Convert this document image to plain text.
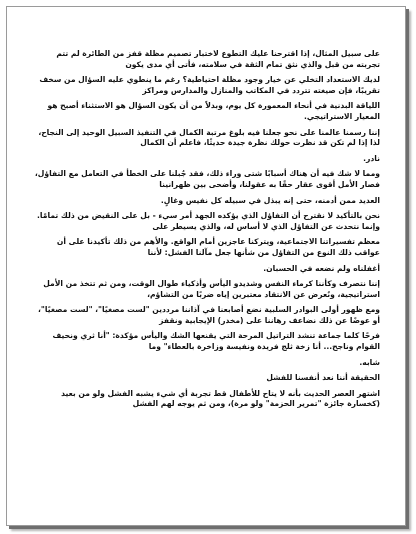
على سبيل المثال، إذا اقترحنا عليك التطوع لاختبار تصميم مظلة قفز من الطائرة لم تتم تجربته من قبل والذي نثق تمام الثقة في سلامته، فأتى أي مدى يكون

لديك الاستعداد التخلي عن خيار وجود مظلة احتياطية؟ رغم ما ينطوي عليه السؤال من سخف تقريبًا، فإن صيغته تتردد في المكاتب والمنازل والمدارس ومراكز

اللياقة البدنية في أنحاء المعمورة كل يوم، وبدلاً من أن يكون السؤال هو الاستثناء أصبح هو المعيار الاستراتيجي.

إننا رسمنا عالمنا على نحو جعلنا فيه بلوغ مرتبة الكمال في التنفيذ السبيل الوحيد إلى النجاح، لذا إذا لم تكن قد نظرت حولك نظرة جيدة حديثًا، فاعلم أن الكمال

نادر.

ومما لا شك فيه أن هناك أسبابًا شتى وراء ذلك، فقد جُبلنا على الخطأ في التعامل مع التفاؤل، فصار الأمل أقوى عقار حقًا به عقولنا، وأضحى بين ظهرانينا

العديد ممن أدمنه، حتى إنه يبذل في سبيله كل نفيس وغالٍ.

نحن بالتأكيد لا نقترح أن التفاؤل الذي يؤكده الجهد أمر سيء - بل على النقيض من ذلك تمامًا. وإنما نتحدث عن التفاؤل الذي لا أساس له، والذي يسيطر على

معظم تفسيراتنا الاجتماعية، ويتركنا عاجزين أمام الواقع. والأهم من ذلك تأكيدنا على أن عواقب ذلك النوع من التفاؤل من شأنها جعل مآلنا الفشل: لأننا

أغفلناه ولم نضعه في الحسبان.

إننا نتصرف وكأننا كرماء النفس وشديدو اليأس وأذكياء طوال الوقت، ومن ثم تتخذ من الأمل استراتيجية، ونُعرض عن الانتقاد معتبرين إياه ضربًا من التشاؤم،

ومع ظهور أولى البوادر السلبية نضع أصابعنا في آذاننا مرددين "لست مصغيًا"، "لست مصغيًا"، أو عوضًا عن ذلك نضاعف رهاننا على (مخدر) الإيجابية ونقفز

فرحًا كلما جماعة تنشد التراتيل المرحة التي يقنعها الشك واليأس مؤكدة: "أنا ثري ونحيف القوام وناجح... أنا زخة ثلج فريدة ونفيسة وزاخرة بالعطاء" وما

شابه.

الحقيقة أننا نعد أنفسنا للفشل

اشتهر العصر الحديث بأنه لا يتاح للأطفال قط تجربة أي شيء يشبه الفشل ولو من بعيد (كخسارة جائزة "تمرير الحزمة" ولو مرة)، ومن ثم يوجه لهم الفشل
